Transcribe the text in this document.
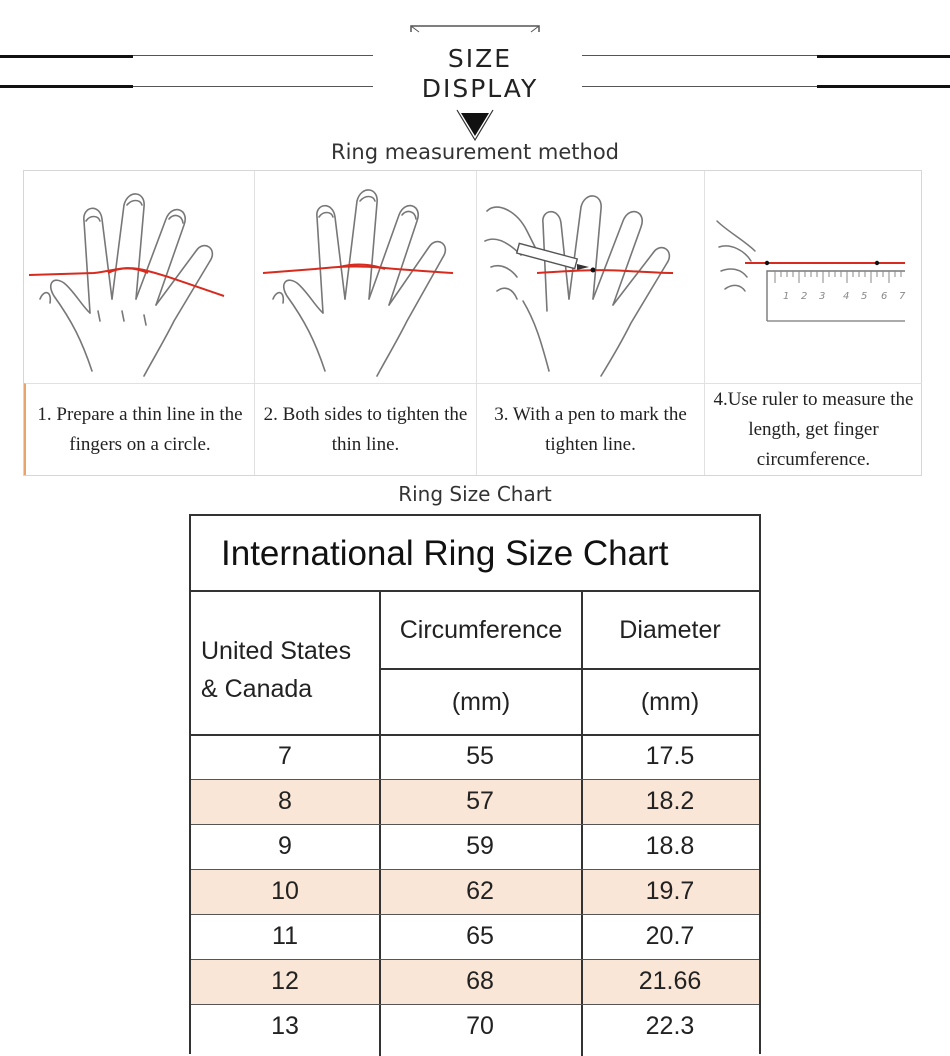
SIZE
DISPLAY
Ring measurement method
1. Prepare a thin line in the fingers on a circle.
2. Both sides to tighten the thin line.
3. With a pen to mark the tighten line.
1 2 3 4 5 6 7
4.Use ruler to measure the length, get finger circumference.
Ring Size Chart
International Ring Size Chart
United States & Canada
Circumference
(mm)
Diameter
(mm)
7	55	17.5
8	57	18.2
9	59	18.8
10	62	19.7
11	65	20.7
12	68	21.66
13	70	22.3
